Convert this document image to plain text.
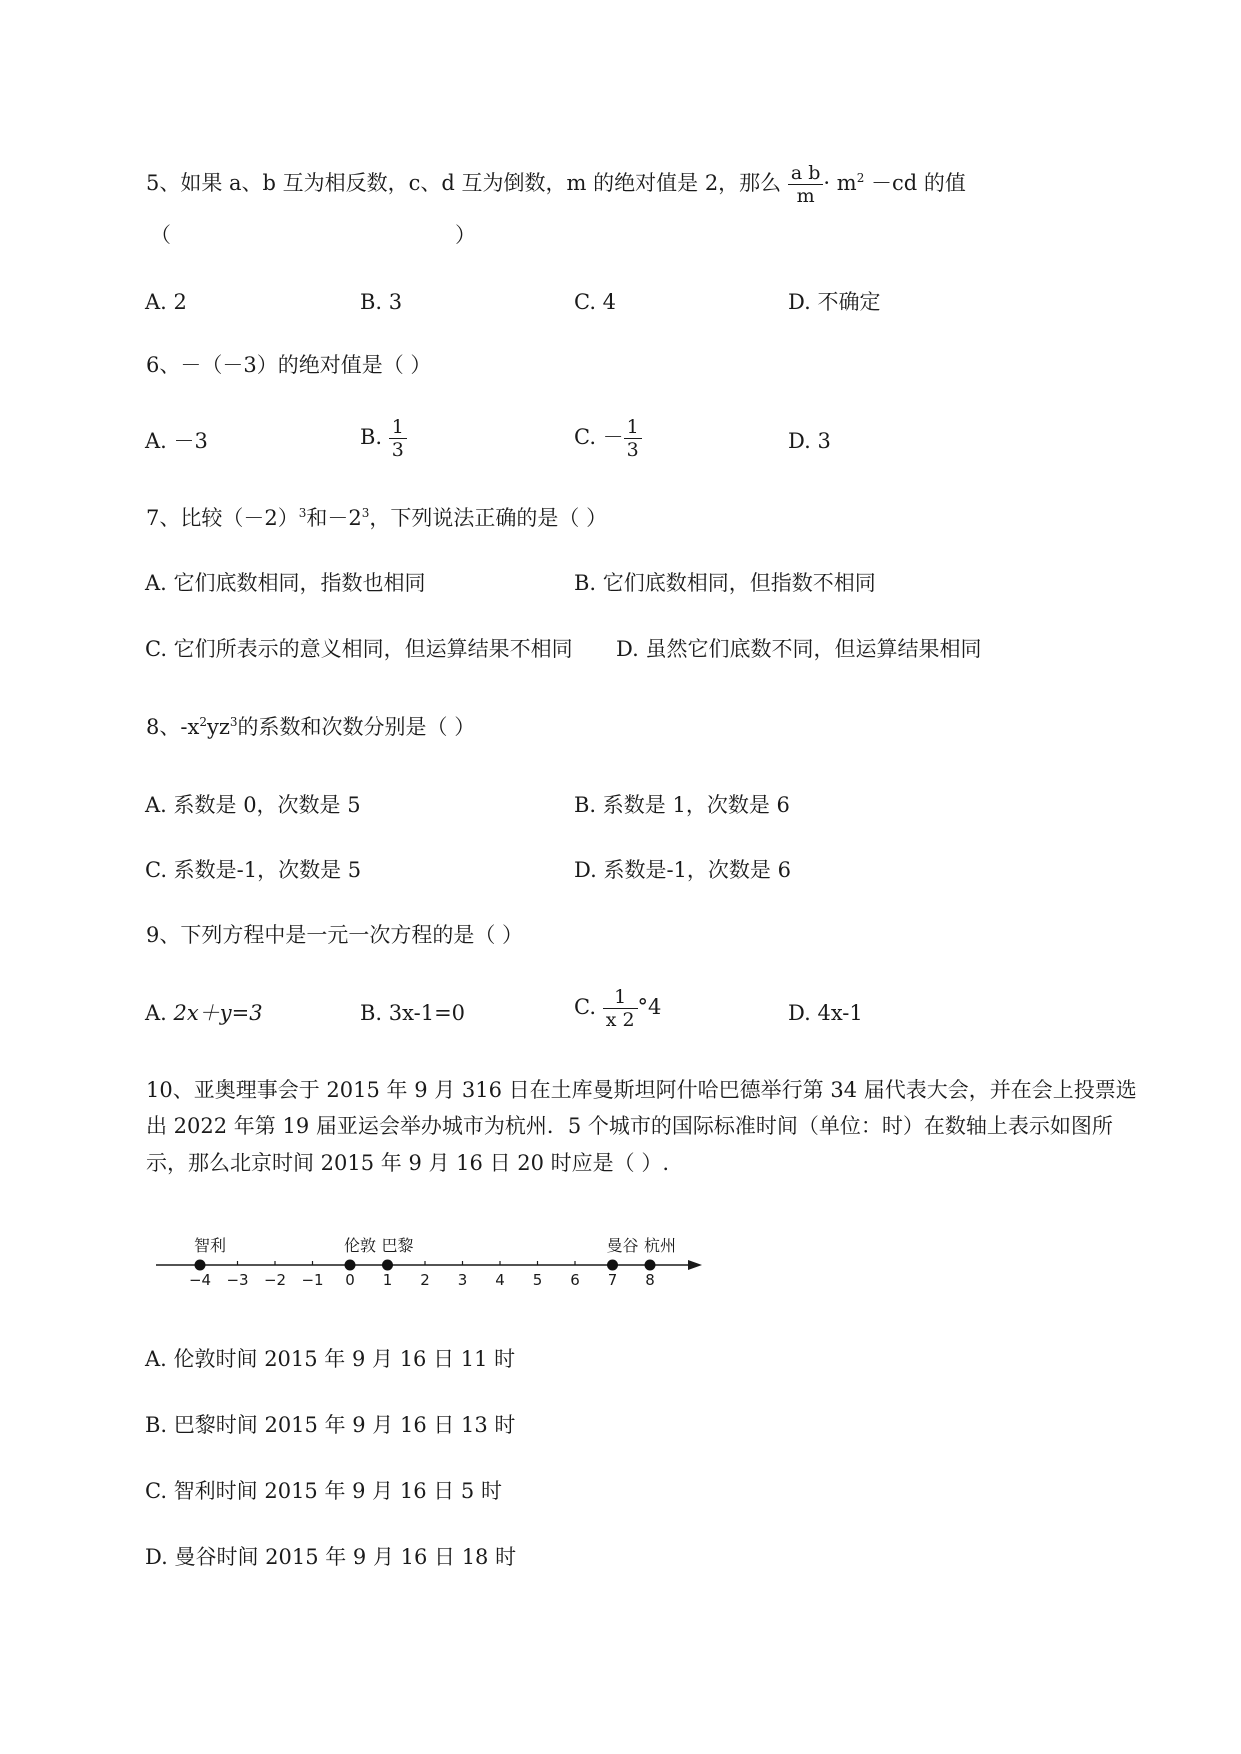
5、如果 a、b 互为相反数，c、d 互为倒数，m 的绝对值是 2，那么 $\frac{\text{a b}}{m} \cdot m^2 -cd$ 的值
（	）
A. 2	B. 3	C. 4	D. 不确定
6、－（－3）的绝对值是（ ）
A. －3	B. $\frac{1}{3}$	C. － $\frac{1}{3}$	D. 3
7、比较$(-2)^3$和$-2^3$，下列说法正确的是（ ）
A. 它们底数相同，指数也相同	B. 它们底数相同，但指数不相同
C. 它们所表示的意义相同，但运算结果不相同 D. 虽然它们底数不同，但运算结果相同
8、$-x^2yz^3$的系数和次数分别是（ ）
A. 系数是 0，次数是 5	B. 系数是 1，次数是 6
C. 系数是-1，次数是 5	D. 系数是-1，次数是 6
9、下列方程中是一元一次方程的是（ ）
A. 2x＋y=3	B. 3x-1=0	C. $\frac{1}{x 2} ^\circ 4$	D. 4x-1
10、亚奥理事会于 2015 年 9 月 316 日在土库曼斯坦阿什哈巴德举行第 34 届代表大会，并在会上投票选
出 2022 年第 19 届亚运会举办城市为杭州．5 个城市的国际标准时间（单位：时）在数轴上表示如图所
示，那么北京时间 2015 年 9 月 16 日 20 时应是（ ）.
−4 −3 −2 −1 0 1 2 3 4 5 6 7 8
智利	伦敦 巴黎	曼谷 杭州
A. 伦敦时间 2015 年 9 月 16 日 11 时
B. 巴黎时间 2015 年 9 月 16 日 13 时
C. 智利时间 2015 年 9 月 16 日 5 时
D. 曼谷时间 2015 年 9 月 16 日 18 时
